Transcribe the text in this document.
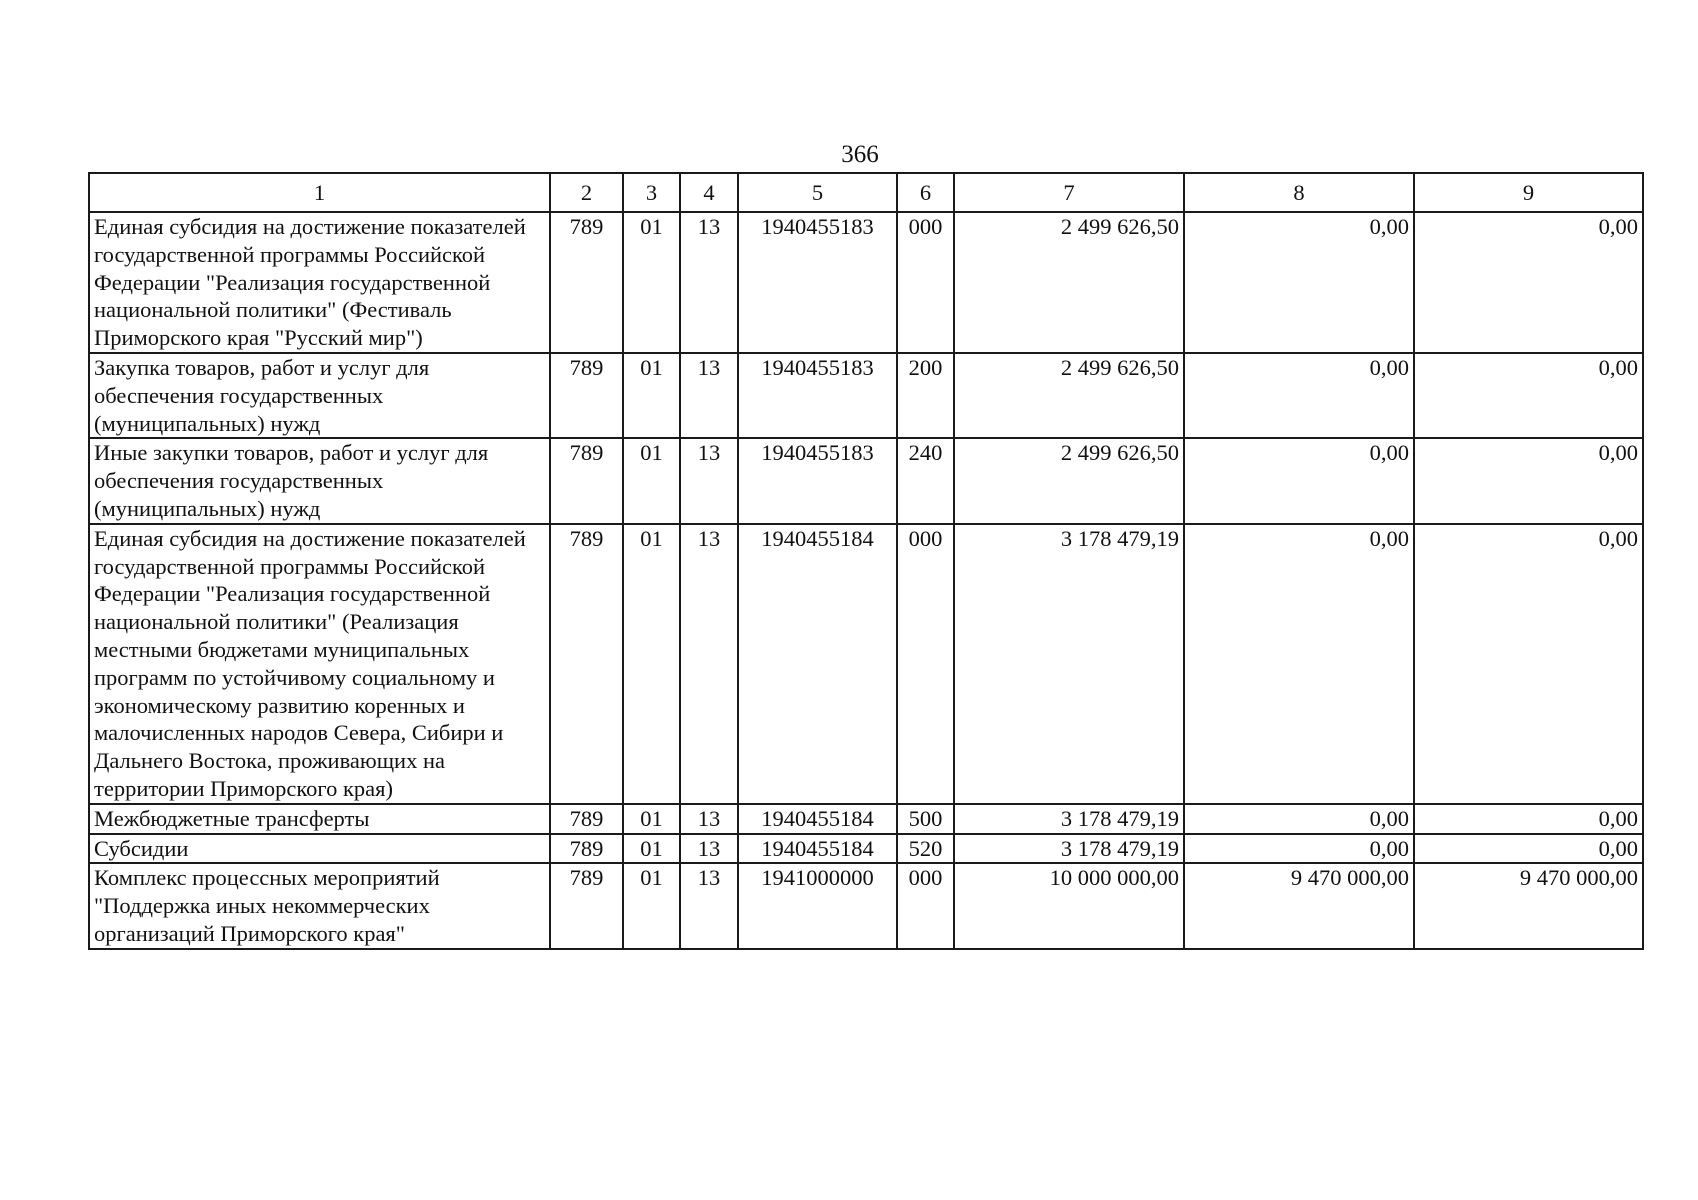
366
1	2	3	4	5	6	7	8	9
Единая субсидия на достижение показателей государственной программы Российской Федерации "Реализация государственной национальной политики" (Фестиваль Приморского края "Русский мир")	789	01	13	1940455183	000	2 499 626,50	0,00	0,00
Закупка товаров, работ и услуг для обеспечения государственных (муниципальных) нужд	789	01	13	1940455183	200	2 499 626,50	0,00	0,00
Иные закупки товаров, работ и услуг для обеспечения государственных (муниципальных) нужд	789	01	13	1940455183	240	2 499 626,50	0,00	0,00
Единая субсидия на достижение показателей государственной программы Российской Федерации "Реализация государственной национальной политики" (Реализация местными бюджетами муниципальных программ по устойчивому социальному и экономическому развитию коренных и малочисленных народов Севера, Сибири и Дальнего Востока, проживающих на территории Приморского края)	789	01	13	1940455184	000	3 178 479,19	0,00	0,00
Межбюджетные трансферты	789	01	13	1940455184	500	3 178 479,19	0,00	0,00
Субсидии	789	01	13	1940455184	520	3 178 479,19	0,00	0,00
Комплекс процессных мероприятий "Поддержка иных некоммерческих организаций Приморского края"	789	01	13	1941000000	000	10 000 000,00	9 470 000,00	9 470 000,00
